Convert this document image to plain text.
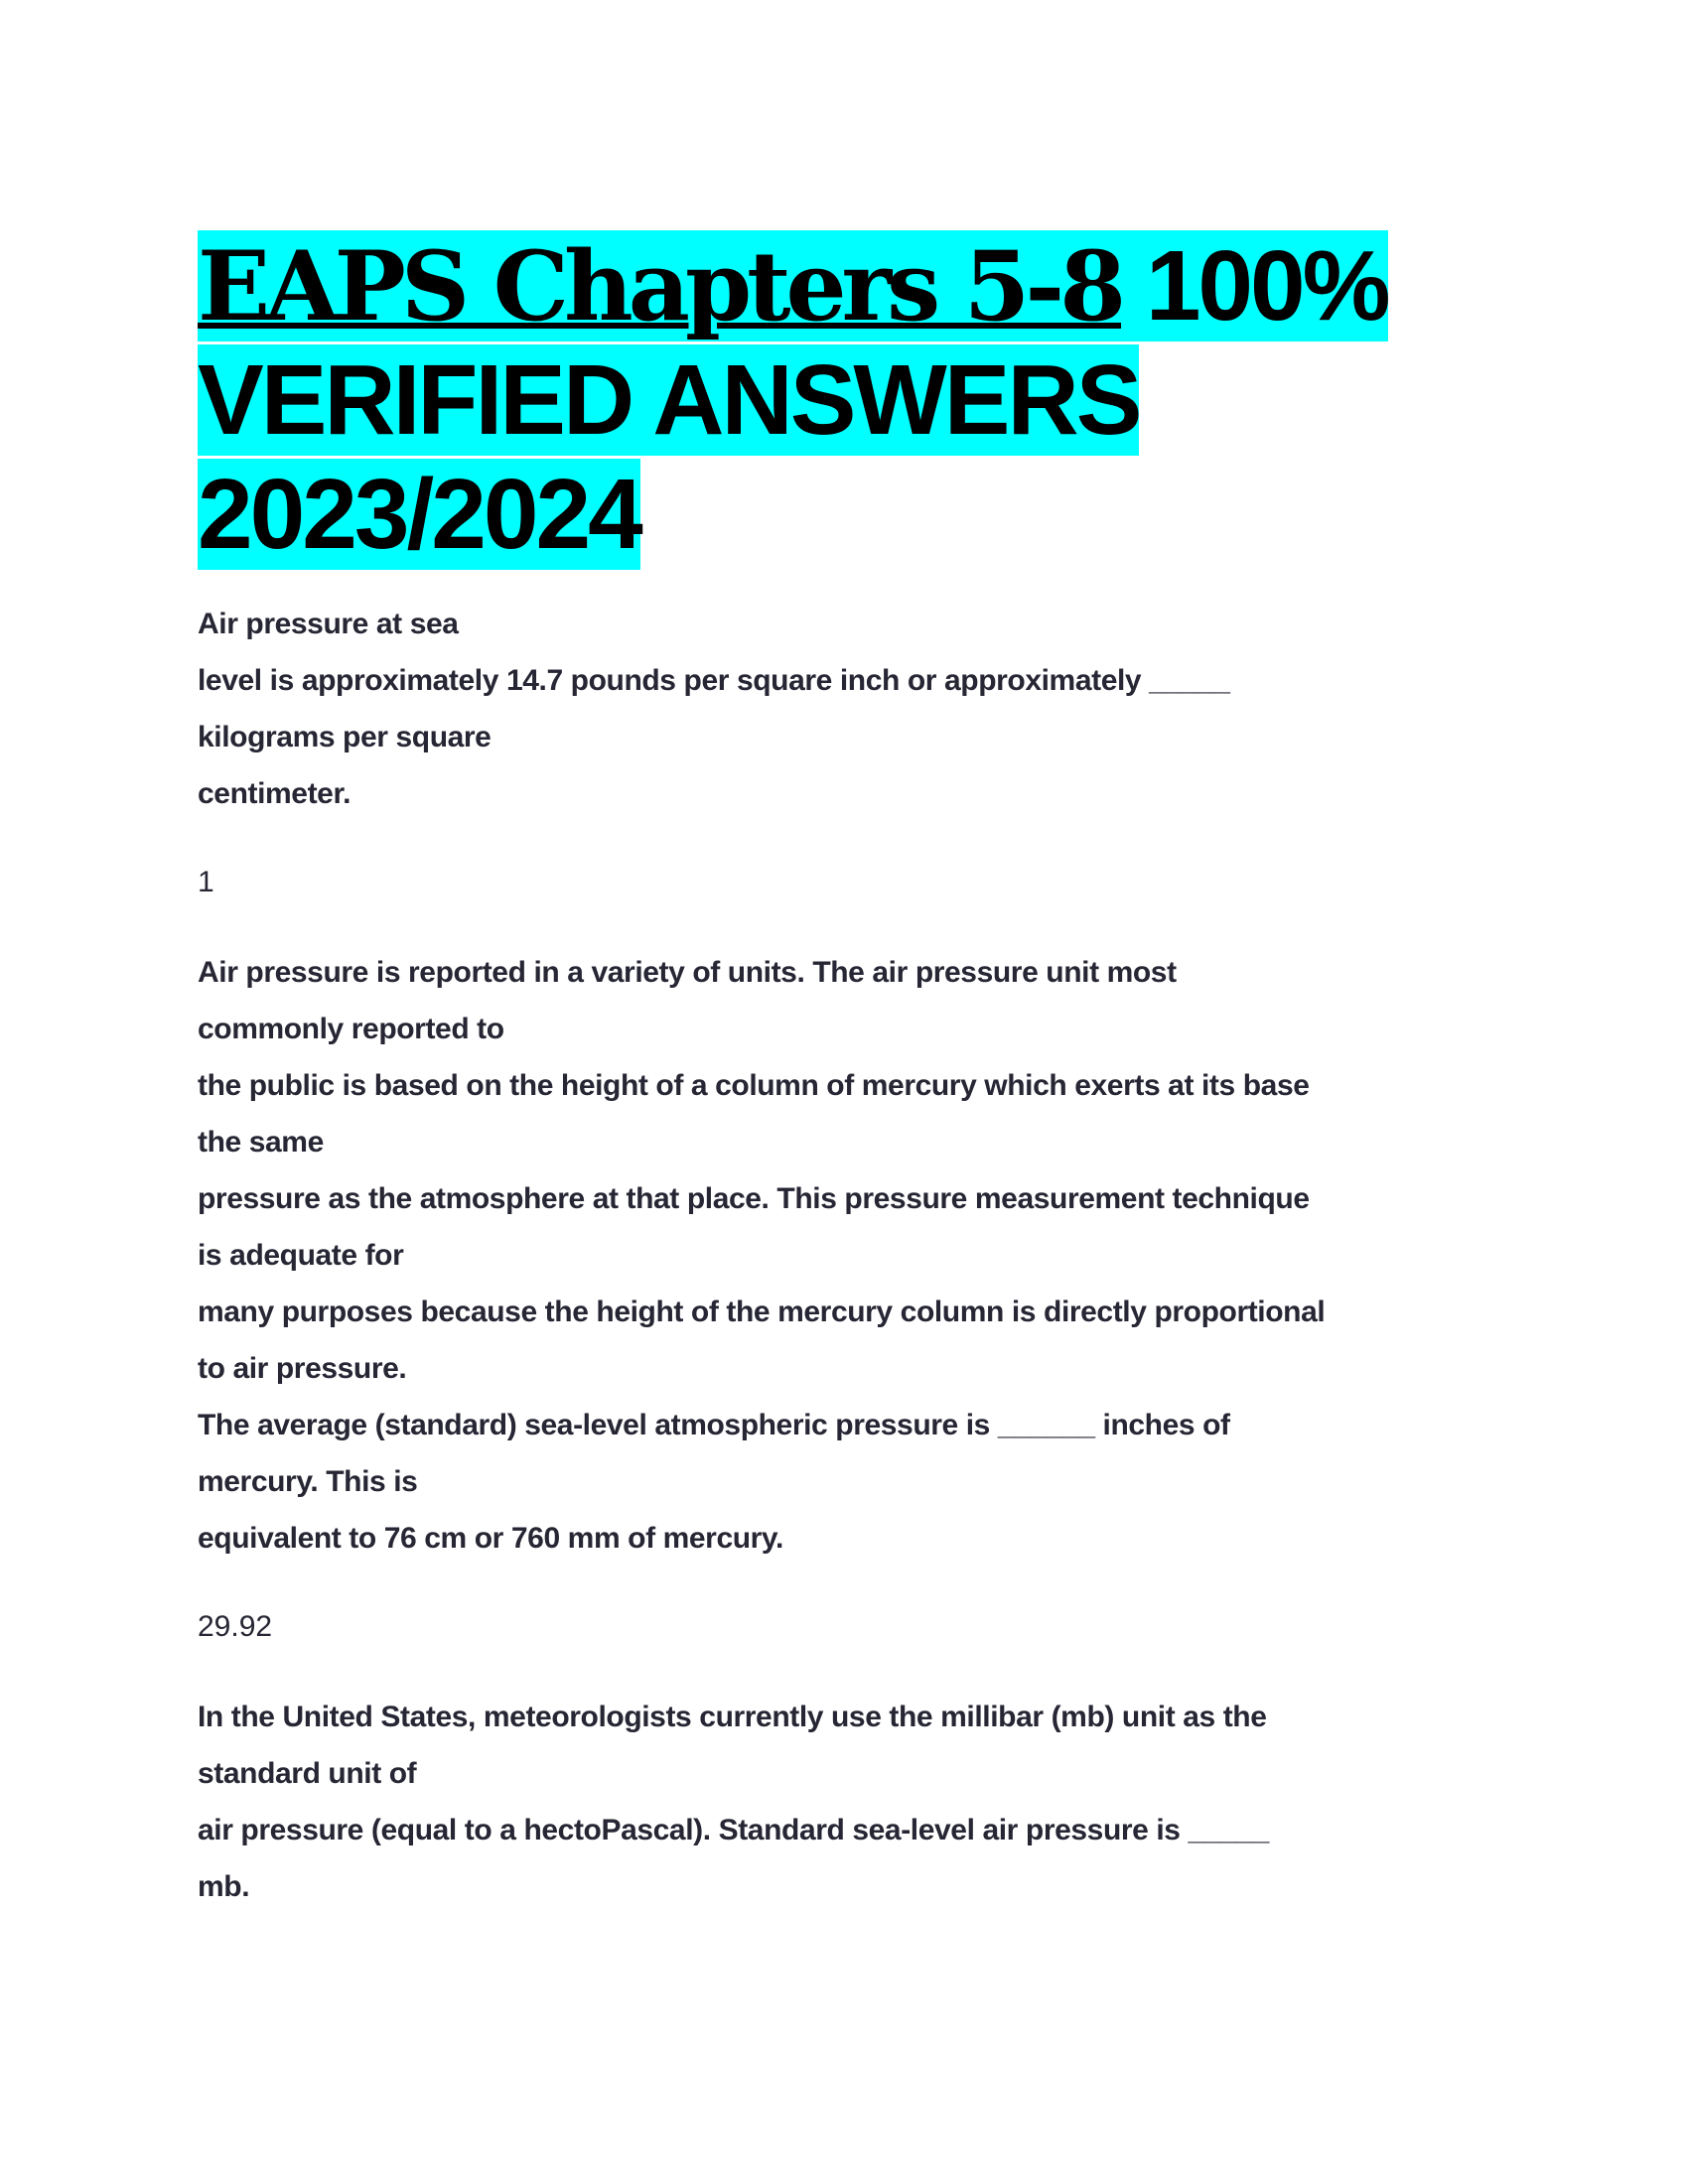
EAPS Chapters 5-8 100%
VERIFIED ANSWERS
2023/2024
Air pressure at sea
level is approximately 14.7 pounds per square inch or approximately _____
kilograms per square
centimeter.
1
Air pressure is reported in a variety of units. The air pressure unit most
commonly reported to
the public is based on the height of a column of mercury which exerts at its base
the same
pressure as the atmosphere at that place. This pressure measurement technique
is adequate for
many purposes because the height of the mercury column is directly proportional
to air pressure.
The average (standard) sea-level atmospheric pressure is ______ inches of
mercury. This is
equivalent to 76 cm or 760 mm of mercury.
29.92
In the United States, meteorologists currently use the millibar (mb) unit as the
standard unit of
air pressure (equal to a hectoPascal). Standard sea-level air pressure is _____
mb.
